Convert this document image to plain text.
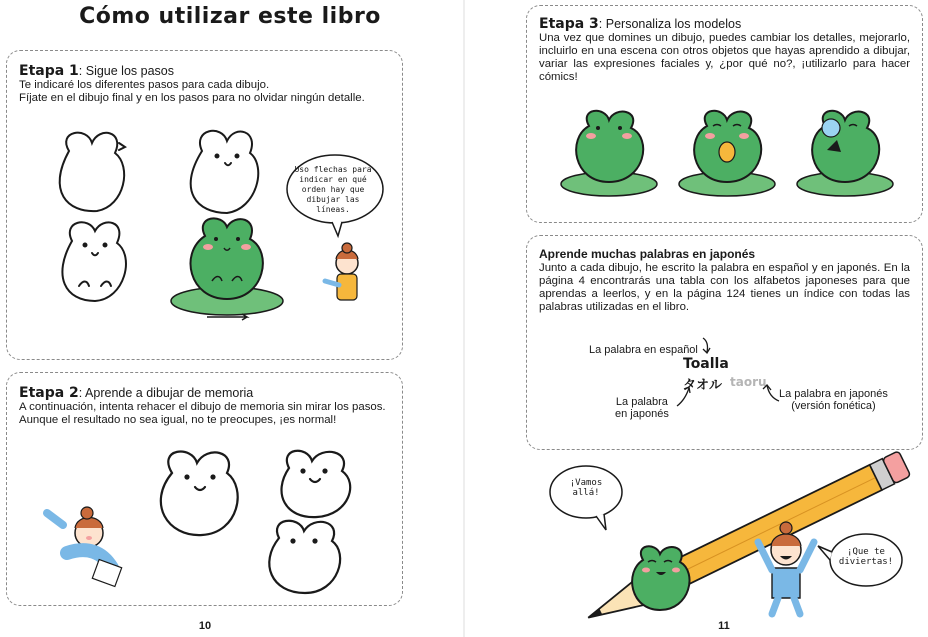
Cómo utilizar este libro
Etapa 1: Sigue los pasos

Te indicaré los diferentes pasos para cada dibujo.

Fíjate en el dibujo final y en los pasos para no olvidar ningún detalle.

Uso flechas para indicar en qué orden hay que dibujar las líneas.
Etapa 2: Aprende a dibujar de memoria

A continuación, intenta rehacer el dibujo de memoria sin mirar los pasos.

Aunque el resultado no sea igual, no te preocupes, ¡es normal!

10
Etapa 3: Personaliza los modelos

Una vez que domines un dibujo, puedes cambiar los detalles, mejorarlo, incluirlo en una escena con otros objetos que hayas aprendido a dibujar, variar las expresiones faciales y, ¿por qué no?, ¡utilizarlo para hacer cómics!

Aprende muchas palabras en japonés

Junto a cada dibujo, he escrito la palabra en español y en japonés. En la página 4 encontrarás una tabla con los alfabetos japoneses para que aprendas a leerlos, y en la página 124 tienes un índice con todas las palabras utilizadas en el libro.

La palabra en español
Toalla
タオル taoru
La palabra
en japonés
La palabra en japonés
(versión fonética)
¡Vamos
allá!
¡Que te
diviertas!
11
